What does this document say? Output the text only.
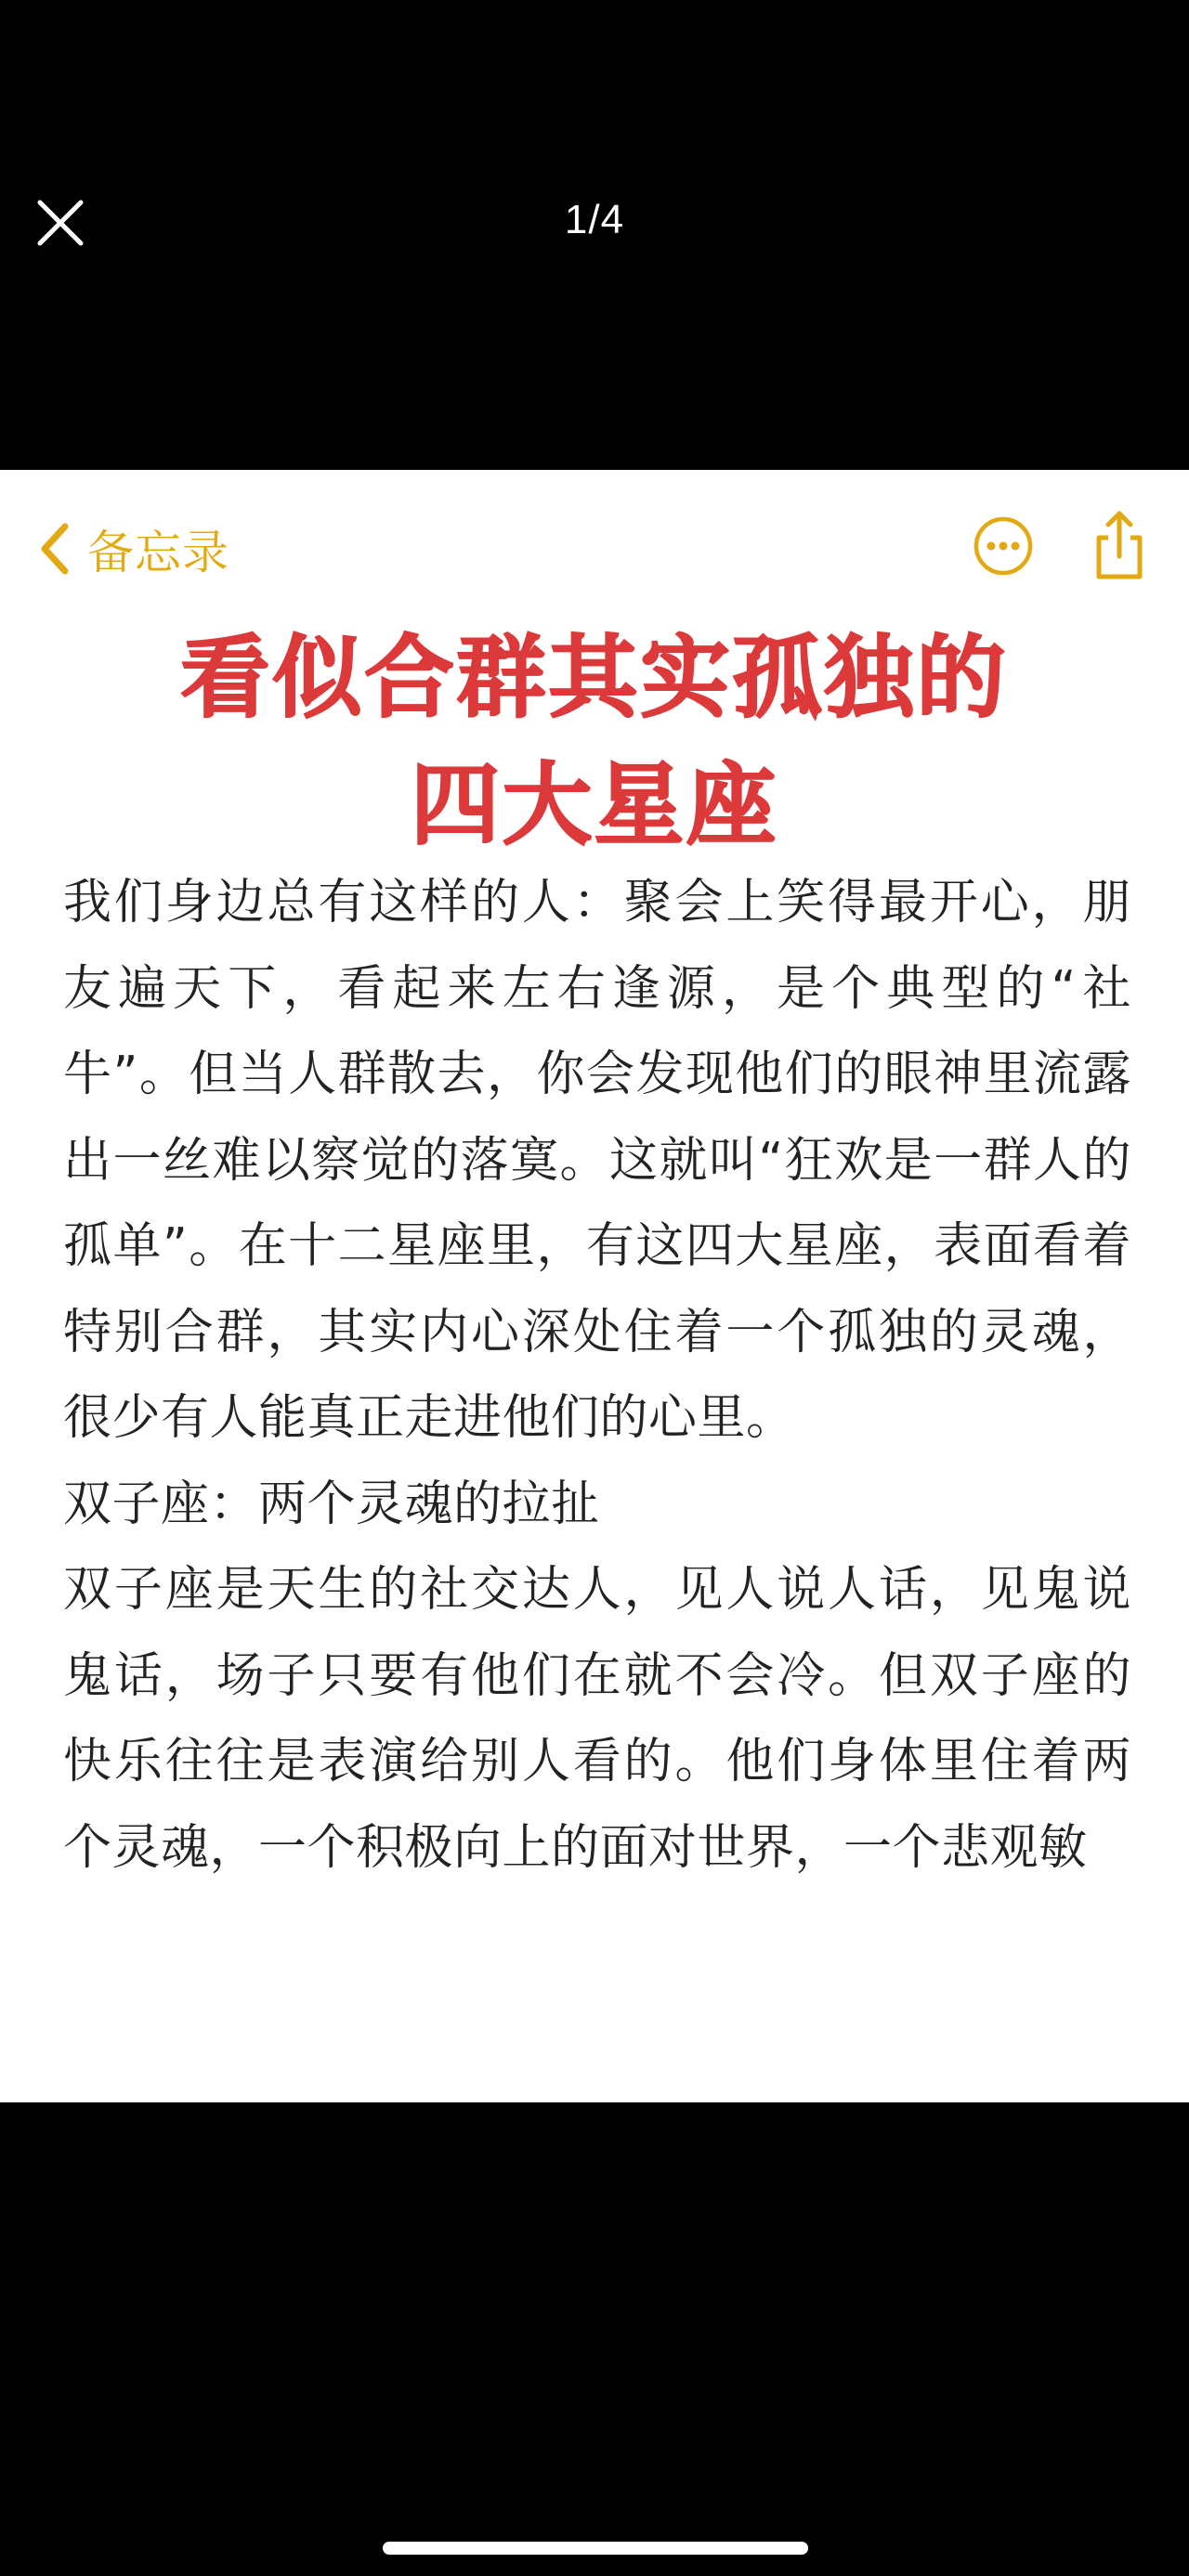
1/4
备忘录
看似合群其实孤独的
四大星座

我们身边总有这样的人：聚会上笑得最开心，朋友遍天下，看起来左右逢源，是个典型的“社牛”。但当人群散去，你会发现他们的眼神里流露出一丝难以察觉的落寞。这就叫“狂欢是一群人的孤单”。在十二星座里，有这四大星座，表面看着特别合群，其实内心深处住着一个孤独的灵魂，很少有人能真正走进他们的心里。

双子座：两个灵魂的拉扯

双子座是天生的社交达人，见人说人话，见鬼说鬼话，场子只要有他们在就不会冷。但双子座的快乐往往是表演给别人看的。他们身体里住着两个灵魂，一个积极向上的面对世界，一个悲观敏
